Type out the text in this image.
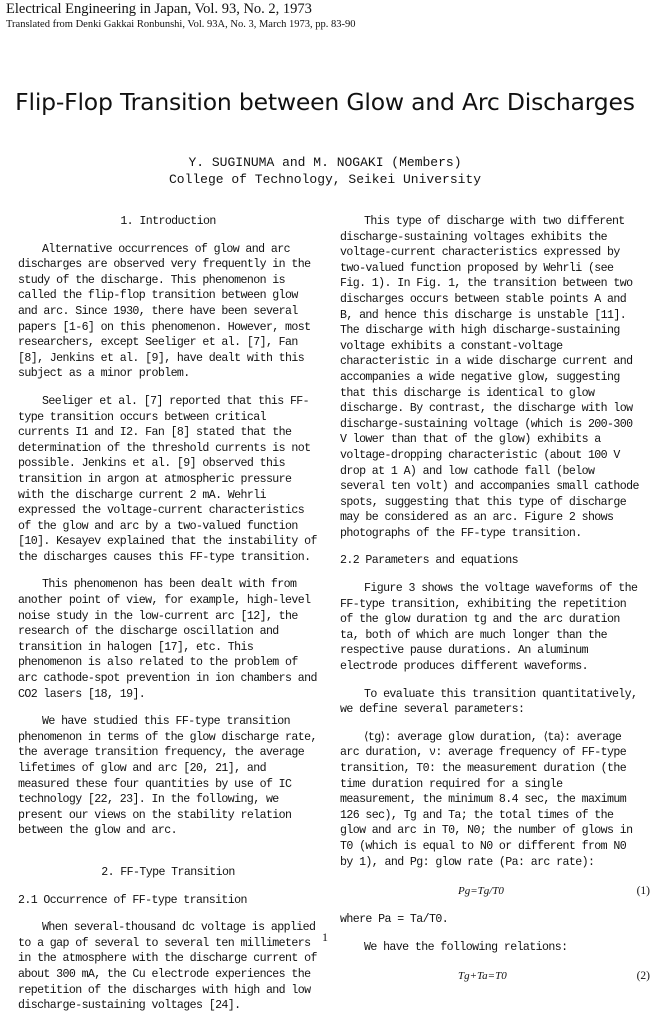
Electrical Engineering in Japan, Vol. 93, No. 2, 1973
Translated from Denki Gakkai Ronbunshi, Vol. 93A, No. 3, March 1973, pp. 83-90
Flip-Flop Transition between Glow and Arc Discharges
Y. SUGINUMA and M. NOGAKI (Members)
College of Technology, Seikei University

1. Introduction

Alternative occurrences of glow and arc discharges are observed very frequently in the study of the discharge. This phenomenon is called the flip-flop transition between glow and arc. Since 1930, there have been several papers [1-6] on this phenomenon. However, most researchers, except Seeliger et al. [7], Fan [8], Jenkins et al. [9], have dealt with this subject as a minor problem.

Seeliger et al. [7] reported that this FF-type transition occurs between critical currents I1 and I2. Fan [8] stated that the determination of the threshold currents is not possible. Jenkins et al. [9] observed this transition in argon at atmospheric pressure with the discharge current 2 mA. Wehrli expressed the voltage-current characteristics of the glow and arc by a two-valued function [10]. Kesayev explained that the instability of the discharges causes this FF-type transition.

This phenomenon has been dealt with from another point of view, for example, high-level noise study in the low-current arc [12], the research of the discharge oscillation and transition in halogen [17], etc. This phenomenon is also related to the problem of arc cathode-spot prevention in ion chambers and CO2 lasers [18, 19].

We have studied this FF-type transition phenomenon in terms of the glow discharge rate, the average transition frequency, the average lifetimes of glow and arc [20, 21], and measured these four quantities by use of IC technology [22, 23]. In the following, we present our views on the stability relation between the glow and arc.

2. FF-Type Transition

2.1 Occurrence of FF-type transition

When several-thousand dc voltage is applied to a gap of several to several ten millimeters in the atmosphere with the discharge current of about 300 mA, the Cu electrode experiences the repetition of the discharges with high and low discharge-sustaining voltages [24].

This type of discharge with two different discharge-sustaining voltages exhibits the voltage-current characteristics expressed by two-valued function proposed by Wehrli (see Fig. 1). In Fig. 1, the transition between two discharges occurs between stable points A and B, and hence this discharge is unstable [11]. The discharge with high discharge-sustaining voltage exhibits a constant-voltage characteristic in a wide discharge current and accompanies a wide negative glow, suggesting that this discharge is identical to glow discharge. By contrast, the discharge with low discharge-sustaining voltage (which is 200-300 V lower than that of the glow) exhibits a voltage-dropping characteristic (about 100 V drop at 1 A) and low cathode fall (below several ten volt) and accompanies small cathode spots, suggesting that this type of discharge may be considered as an arc. Figure 2 shows photographs of the FF-type transition.

2.2 Parameters and equations

Figure 3 shows the voltage waveforms of the FF-type transition, exhibiting the repetition of the glow duration tg and the arc duration ta, both of which are much longer than the respective pause durations. An aluminum electrode produces different waveforms.

To evaluate this transition quantitatively, we define several parameters:

⟨tg⟩: average glow duration, ⟨ta⟩: average arc duration, ν: average frequency of FF-type transition, T0: the measurement duration (the time duration required for a single measurement, the minimum 8.4 sec, the maximum 126 sec), Tg and Ta; the total times of the glow and arc in T0, N0; the number of glows in T0 (which is equal to N0 or different from N0 by 1), and Pg: glow rate (Pa: arc rate):

Pg=Tg/T0	(1)

where Pa = Ta/T0.

We have the following relations:

Tg+Ta=T0	(2)
1
